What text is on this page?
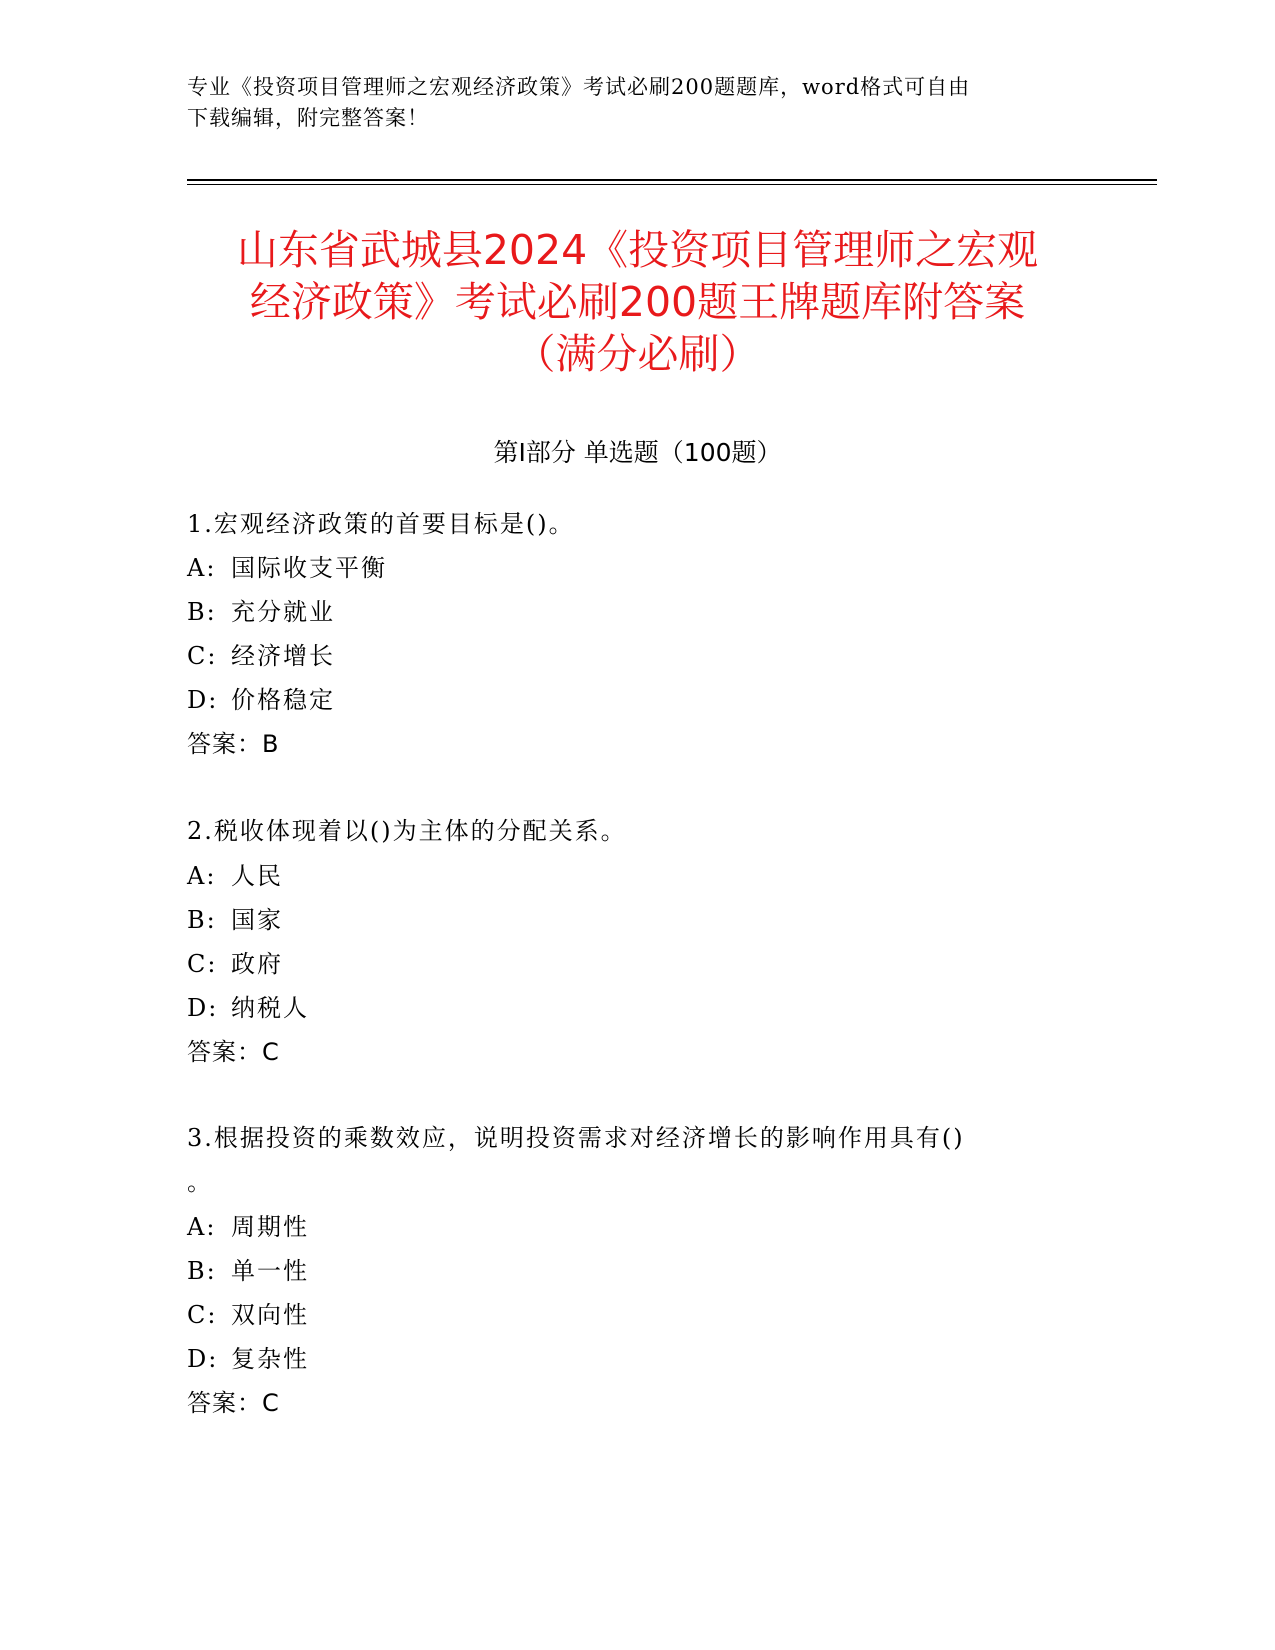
专业《投资项目管理师之宏观经济政策》考试必刷200题题库，word格式可自由
下载编辑，附完整答案！
山东省武城县2024《投资项目管理师之宏观
经济政策》考试必刷200题王牌题库附答案
（满分必刷）
第Ⅰ部分 单选题（100题）
1.宏观经济政策的首要目标是()。
A: 国际收支平衡
B: 充分就业
C: 经济增长
D: 价格稳定
答案：B
2.税收体现着以()为主体的分配关系。
A: 人民
B: 国家
C: 政府
D: 纳税人
答案：C
3.根据投资的乘数效应，说明投资需求对经济增长的影响作用具有()
。
A: 周期性
B: 单一性
C: 双向性
D: 复杂性
答案：C
